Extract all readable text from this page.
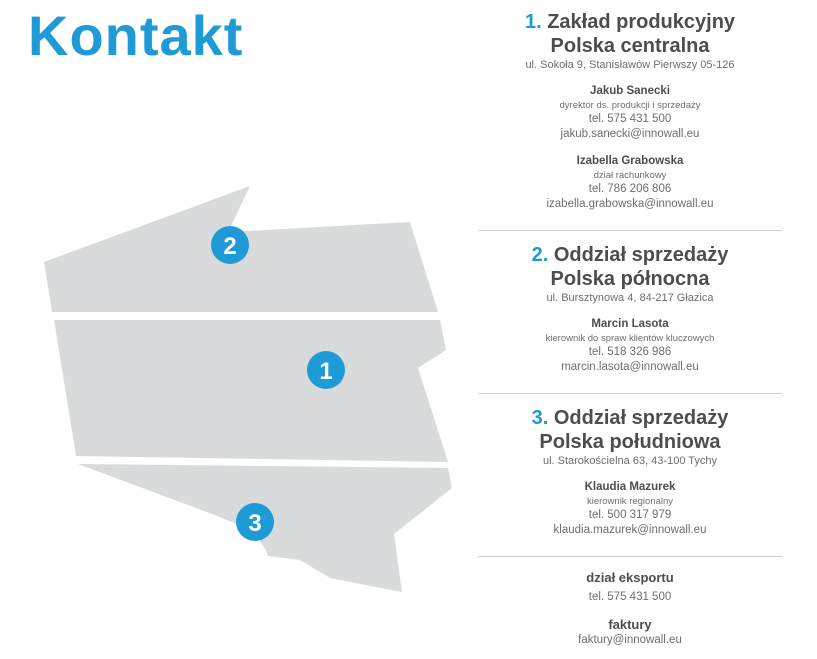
Kontakt
2
1
3
1. Zakład produkcyjny
Polska centralna
ul. Sokoła 9, Stanisławów Pierwszy 05-126
Jakub Sanecki
dyrektor ds. produkcji i sprzedaży
tel. 575 431 500
jakub.sanecki@innowall.eu
Izabella Grabowska
dział rachunkowy
tel. 786 206 806
izabella.grabowska@innowall.eu
2. Oddział sprzedaży
Polska północna
ul. Bursztynowa 4, 84-217 Głazica
Marcin Lasota
kierownik do spraw klientów kluczowych
tel. 518 326 986
marcin.lasota@innowall.eu
3. Oddział sprzedaży
Polska południowa
ul. Starokościelna 63, 43-100 Tychy
Klaudia Mazurek
kierownik regionalny
tel. 500 317 979
klaudia.mazurek@innowall.eu
dział eksportu
tel. 575 431 500
faktury
faktury@innowall.eu
